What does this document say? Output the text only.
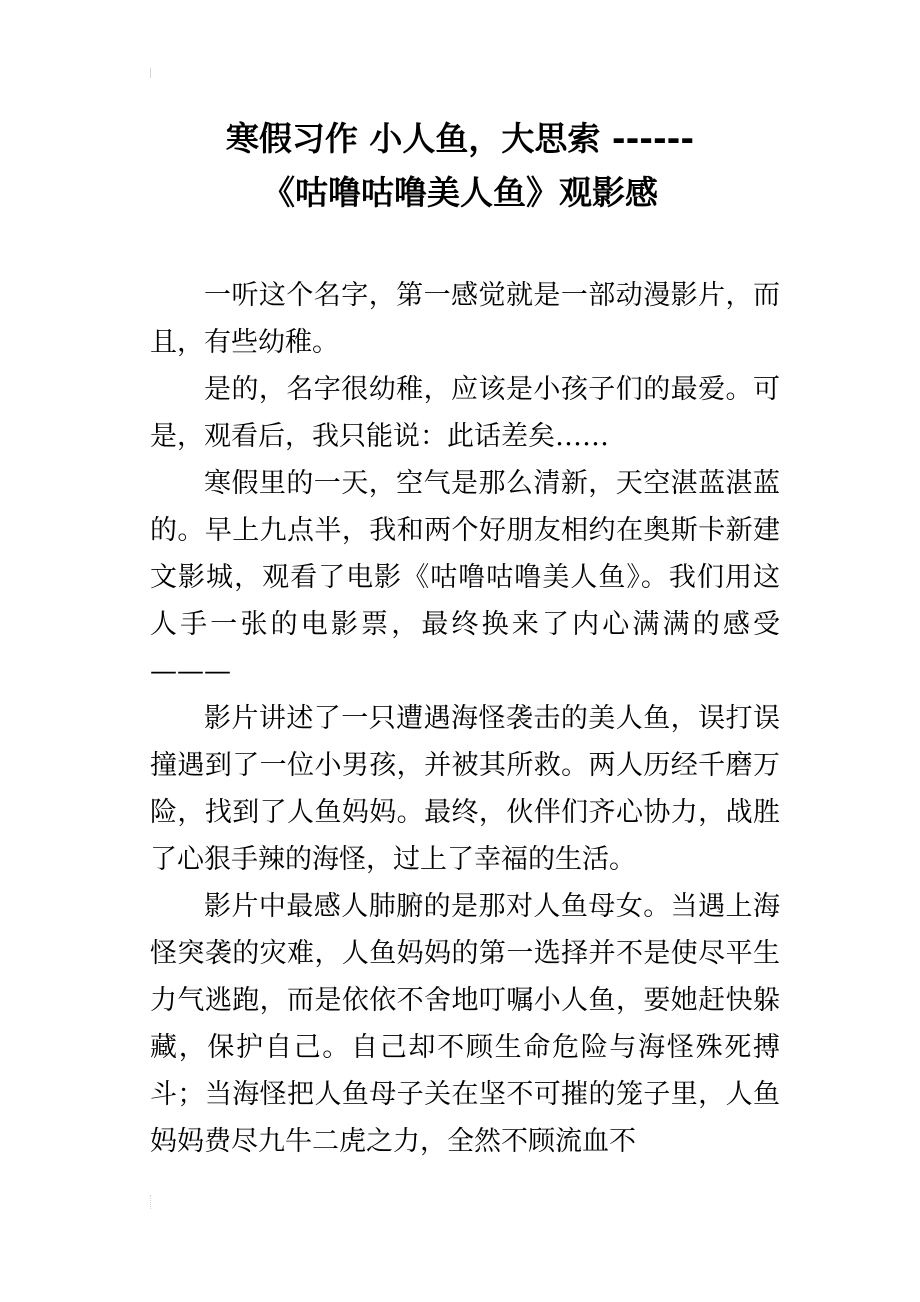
寒假习作 小人鱼，大思索 ------
《咕噜咕噜美人鱼》观影感

一听这个名字，第一感觉就是一部动漫影片，而且，有些幼稚。

是的，名字很幼稚，应该是小孩子们的最爱。可是，观看后，我只能说：此话差矣……

寒假里的一天，空气是那么清新，天空湛蓝湛蓝的。早上九点半，我和两个好朋友相约在奥斯卡新建文影城，观看了电影《咕噜咕噜美人鱼》。我们用这人手一张的电影票，最终换来了内心满满的感受———

影片讲述了一只遭遇海怪袭击的美人鱼，误打误撞遇到了一位小男孩，并被其所救。两人历经千磨万险，找到了人鱼妈妈。最终，伙伴们齐心协力，战胜了心狠手辣的海怪，过上了幸福的生活。

影片中最感人肺腑的是那对人鱼母女。当遇上海怪突袭的灾难，人鱼妈妈的第一选择并不是使尽平生力气逃跑，而是依依不舍地叮嘱小人鱼，要她赶快躲藏，保护自己。自己却不顾生命危险与海怪殊死搏斗；当海怪把人鱼母子关在坚不可摧的笼子里，人鱼妈妈费尽九牛二虎之力，全然不顾流血不
